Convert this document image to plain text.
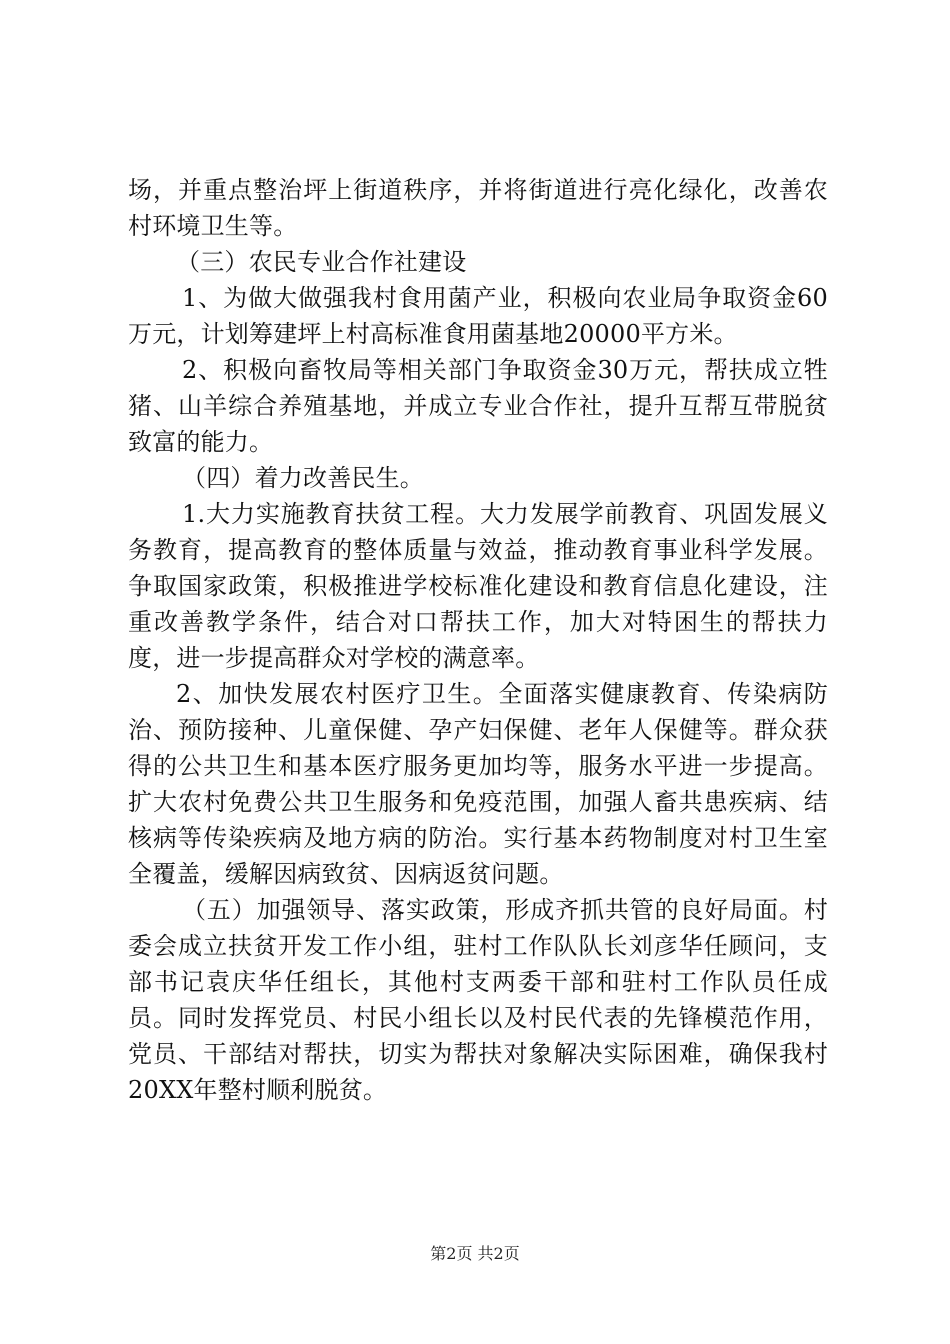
场，并重点整治坪上街道秩序，并将街道进行亮化绿化，改善农村环境卫生等。

（三）农民专业合作社建设

1、为做大做强我村食用菌产业，积极向农业局争取资金60万元，计划筹建坪上村高标准食用菌基地20000平方米。

2、积极向畜牧局等相关部门争取资金30万元，帮扶成立牲猪、山羊综合养殖基地，并成立专业合作社，提升互帮互带脱贫致富的能力。

（四）着力改善民生。

1.大力实施教育扶贫工程。大力发展学前教育、巩固发展义务教育，提高教育的整体质量与效益，推动教育事业科学发展。争取国家政策，积极推进学校标准化建设和教育信息化建设，注重改善教学条件，结合对口帮扶工作，加大对特困生的帮扶力度，进一步提高群众对学校的满意率。

2、加快发展农村医疗卫生。全面落实健康教育、传染病防治、预防接种、儿童保健、孕产妇保健、老年人保健等。群众获得的公共卫生和基本医疗服务更加均等，服务水平进一步提高。扩大农村免费公共卫生服务和免疫范围，加强人畜共患疾病、结核病等传染疾病及地方病的防治。实行基本药物制度对村卫生室全覆盖，缓解因病致贫、因病返贫问题。

（五）加强领导、落实政策，形成齐抓共管的良好局面。村委会成立扶贫开发工作小组，驻村工作队队长刘彦华任顾问，支部书记袁庆华任组长，其他村支两委干部和驻村工作队员任成员。同时发挥党员、村民小组长以及村民代表的先锋模范作用，党员、干部结对帮扶，切实为帮扶对象解决实际困难，确保我村20XX年整村顺利脱贫。

第2页 共2页
